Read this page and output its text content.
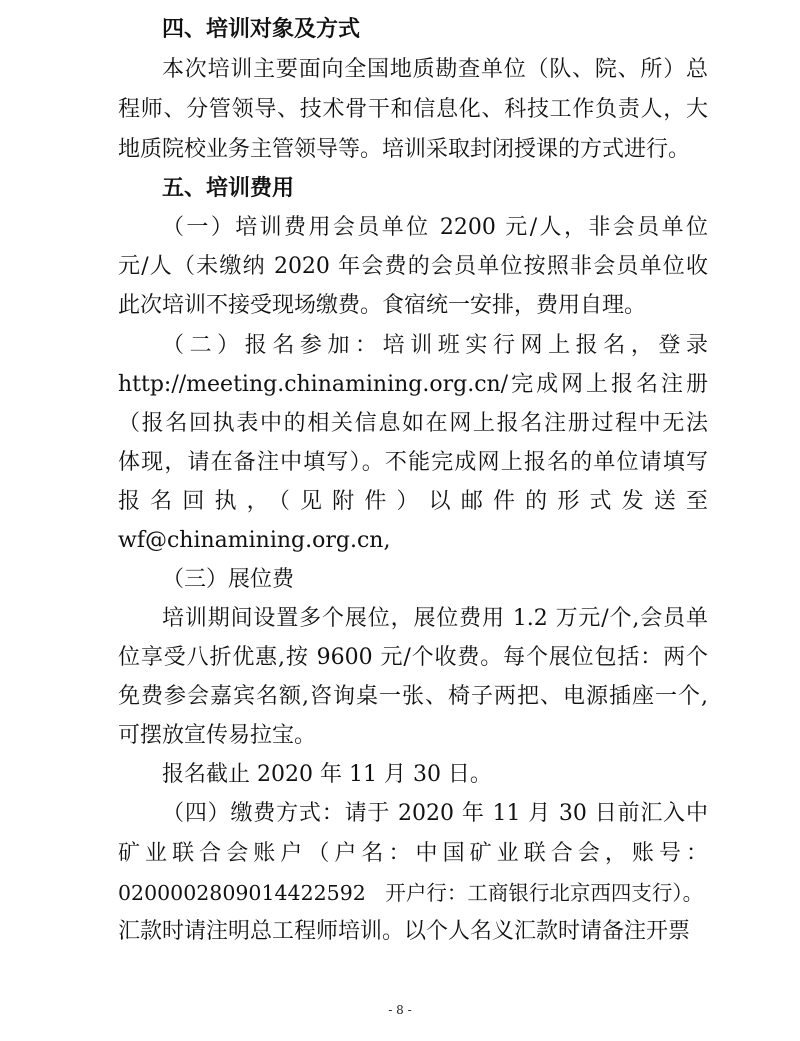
四、培训对象及方式
本次培训主要面向全国地质勘查单位（队、院、所）总
程师、分管领导、技术骨干和信息化、科技工作负责人，大
地质院校业务主管领导等。培训采取封闭授课的方式进行。
五、培训费用
（一）培训费用会员单位 2200 元/人，非会员单位
元/人（未缴纳 2020 年会费的会员单位按照非会员单位收
此次培训不接受现场缴费。食宿统一安排，费用自理。
（二）报名参加：培训班实行网上报名，登录
http://meeting.chinamining.org.cn/完成网上报名注册
（报名回执表中的相关信息如在网上报名注册过程中无法
体现，请在备注中填写）。不能完成网上报名的单位请填写
报名回执，（见附件）以邮件的形式发送至
wf@chinamining.org.cn,
（三）展位费
培训期间设置多个展位，展位费用 1.2 万元/个,会员单
位享受八折优惠,按 9600 元/个收费。每个展位包括：两个
免费参会嘉宾名额,咨询桌一张、椅子两把、电源插座一个,
可摆放宣传易拉宝。
报名截止 2020 年 11 月 30 日。
（四）缴费方式：请于 2020 年 11 月 30 日前汇入中
矿业联合会账户（户名：中国矿业联合会，账号：
0200002809014422592   开户行：工商银行北京西四支行）。
汇款时请注明总工程师培训。以个人名义汇款时请备注开票
- 8 -
